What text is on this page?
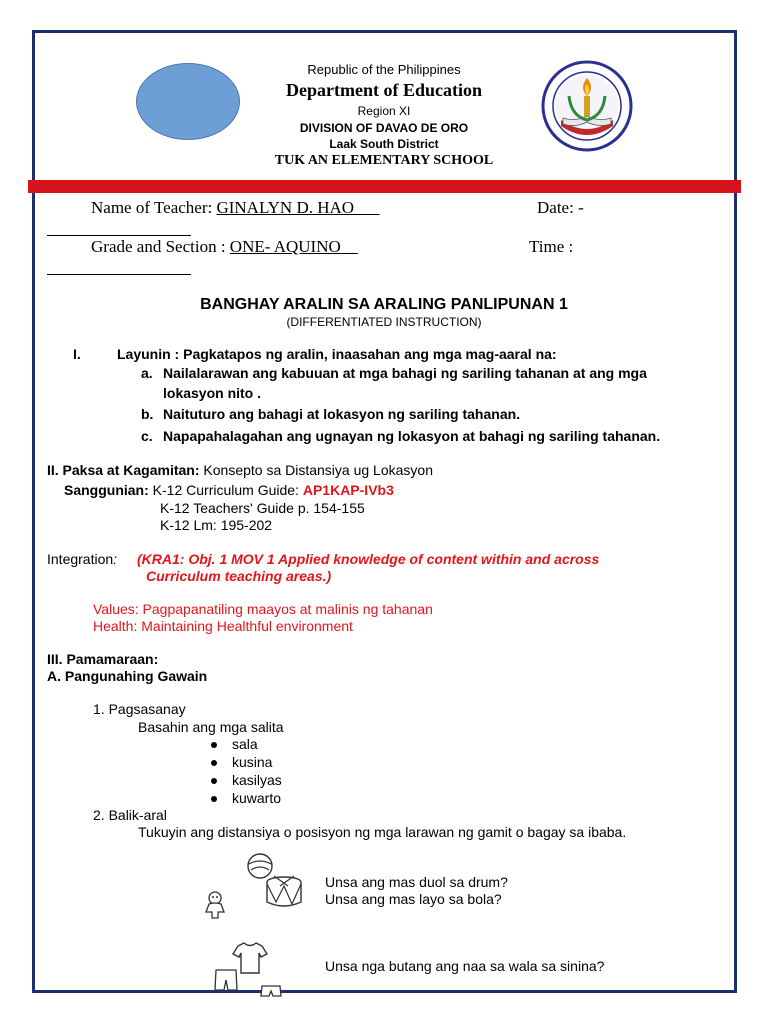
Republic of the Philippines
Department of Education
Region XI
DIVISION OF DAVAO DE ORO
Laak South District
TUK AN ELEMENTARY SCHOOL
Name of Teacher: GINALYN D. HAO	Date: -
Grade and Section : ONE- AQUINO	Time :
BANGHAY ARALIN SA ARALING PANLIPUNAN 1
(DIFFERENTIATED INSTRUCTION)
I.	Layunin : Pagkatapos ng aralin, inaasahan ang mga mag-aaral na:
a. Nailalarawan ang kabuuan at mga bahagi ng sariling tahanan at ang mga
lokasyon nito .
b. Naituturo ang bahagi at lokasyon ng sariling tahanan.
c. Napapahalagahan ang ugnayan ng lokasyon at bahagi ng sariling tahanan.
II. Paksa at Kagamitan: Konsepto sa Distansiya ug Lokasyon
Sanggunian: K-12 Curriculum Guide: AP1KAP-IVb3
K-12 Teachers' Guide p. 154-155
K-12 Lm: 195-202
Integration: (KRA1: Obj. 1 MOV 1 Applied knowledge of content within and across
Curriculum teaching areas.)
Values: Pagpapanatiling maayos at malinis ng tahanan
Health: Maintaining Healthful environment
III. Pamamaraan:
A. Pangunahing Gawain
1. Pagsasanay
Basahin ang mga salita
sala
kusina
kasilyas
kuwarto
2. Balik-aral
Tukuyin ang distansiya o posisyon ng mga larawan ng gamit o bagay sa ibaba.
Unsa ang mas duol sa drum?
Unsa ang mas layo sa bola?
Unsa nga butang ang naa sa wala sa sinina?
